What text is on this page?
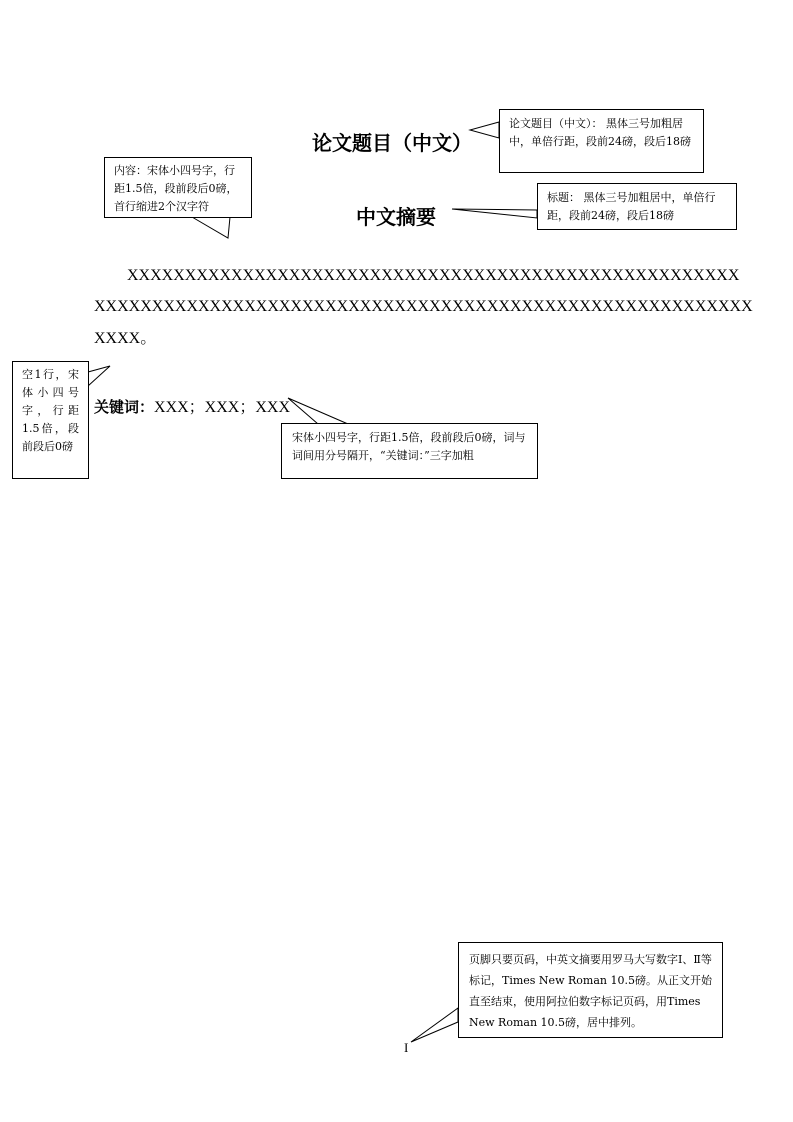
论文题目（中文）
中文摘要
XXXXXXXXXXXXXXXXXXXXXXXXXXXXXXXXXXXXXXXXXXXXXXXXXXXXX
XXXXXXXXXXXXXXXXXXXXXXXXXXXXXXXXXXXXXXXXXXXXXXXXXXXXXXXXX
XXXX。
关键词：XXX；XXX；XXX
I
论文题目（中文）： 黑体三号加粗居中，单倍行距，段前24磅，段后18磅
标题： 黑体三号加粗居中，单倍行距，段前24磅，段后18磅
内容：宋体小四号字，行距1.5倍，段前段后0磅，首行缩进2个汉字符
空1行，宋体小四号字，行距1.5倍，段前段后0磅
宋体小四号字，行距1.5倍，段前段后0磅，词与词间用分号隔开，“关键词：”三字加粗
页脚只要页码，中英文摘要用罗马大写数字Ⅰ、Ⅱ等标记，Times New Roman 10.5磅。从正文开始直至结束，使用阿拉伯数字标记页码，用Times New Roman 10.5磅，居中排列。
